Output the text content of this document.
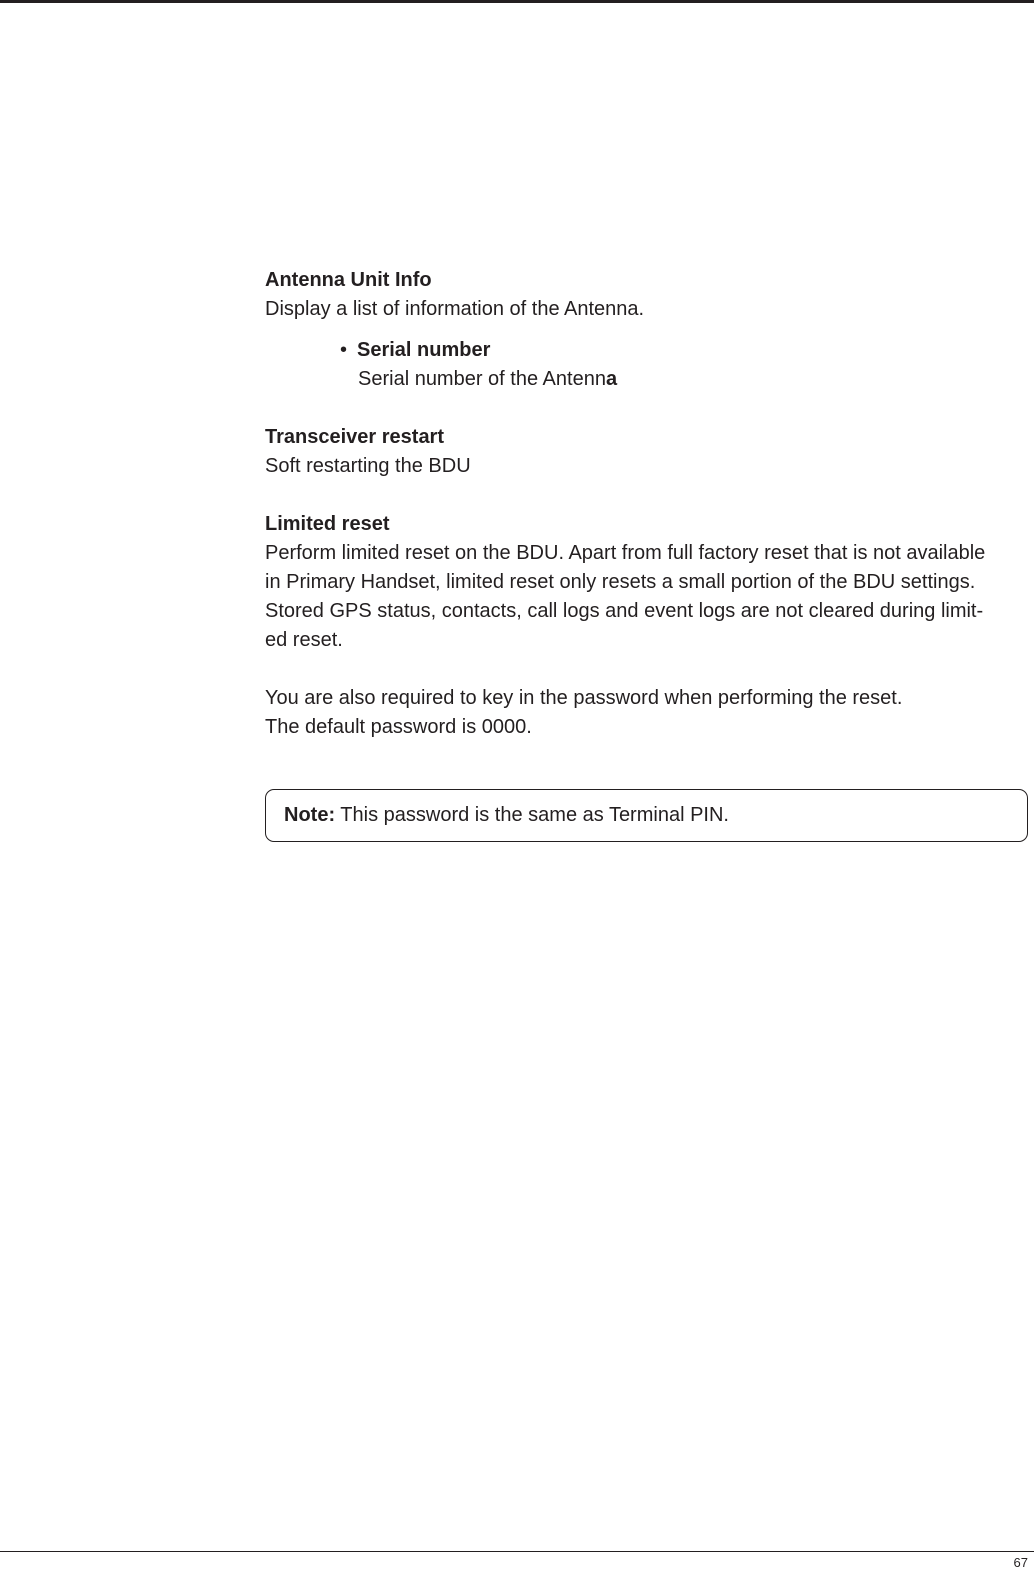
Antenna Unit Info

Display a list of information of the Antenna.

• Serial number

Serial number of the Antenna

Transceiver restart

Soft restarting the BDU

Limited reset

Perform limited reset on the BDU. Apart from full factory reset that is not available

in Primary Handset, limited reset only resets a small portion of the BDU settings.

Stored GPS status, contacts, call logs and event logs are not cleared during limit-

ed reset.

You are also required to key in the password when performing the reset.

The default password is 0000.

Note: This password is the same as Terminal PIN.
67
